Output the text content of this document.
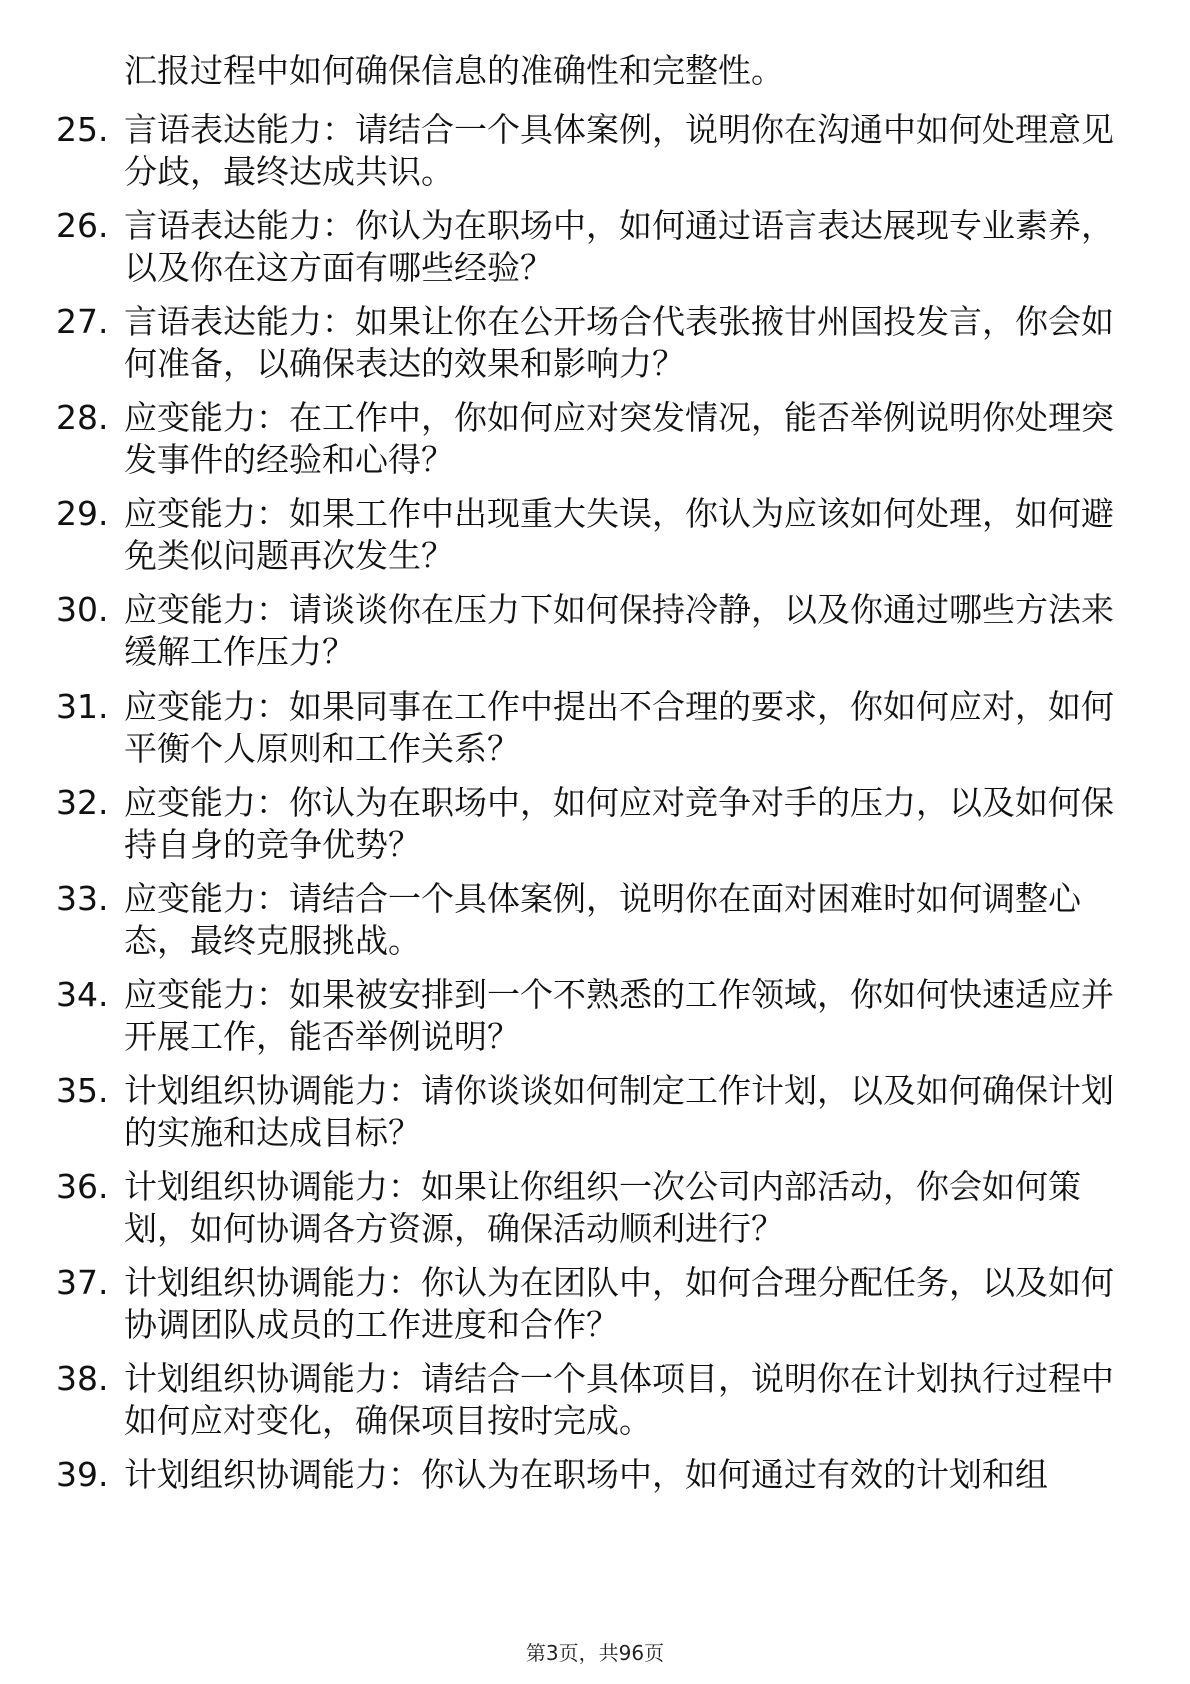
汇报过程中如何确保信息的准确性和完整性。
25. 言语表达能力：请结合一个具体案例，说明你在沟通中如何处理意见分歧，最终达成共识。
26. 言语表达能力：你认为在职场中，如何通过语言表达展现专业素养，以及你在这方面有哪些经验？
27. 言语表达能力：如果让你在公开场合代表张掖甘州国投发言，你会如何准备，以确保表达的效果和影响力？
28. 应变能力：在工作中，你如何应对突发情况，能否举例说明你处理突发事件的经验和心得？
29. 应变能力：如果工作中出现重大失误，你认为应该如何处理，如何避免类似问题再次发生？
30. 应变能力：请谈谈你在压力下如何保持冷静，以及你通过哪些方法来缓解工作压力？
31. 应变能力：如果同事在工作中提出不合理的要求，你如何应对，如何平衡个人原则和工作关系？
32. 应变能力：你认为在职场中，如何应对竞争对手的压力，以及如何保持自身的竞争优势？
33. 应变能力：请结合一个具体案例，说明你在面对困难时如何调整心态，最终克服挑战。
34. 应变能力：如果被安排到一个不熟悉的工作领域，你如何快速适应并开展工作，能否举例说明？
35. 计划组织协调能力：请你谈谈如何制定工作计划，以及如何确保计划的实施和达成目标？
36. 计划组织协调能力：如果让你组织一次公司内部活动，你会如何策划，如何协调各方资源，确保活动顺利进行？
37. 计划组织协调能力：你认为在团队中，如何合理分配任务，以及如何协调团队成员的工作进度和合作？
38. 计划组织协调能力：请结合一个具体项目，说明你在计划执行过程中如何应对变化，确保项目按时完成。
39. 计划组织协调能力：你认为在职场中，如何通过有效的计划和组
第3页，共96页
